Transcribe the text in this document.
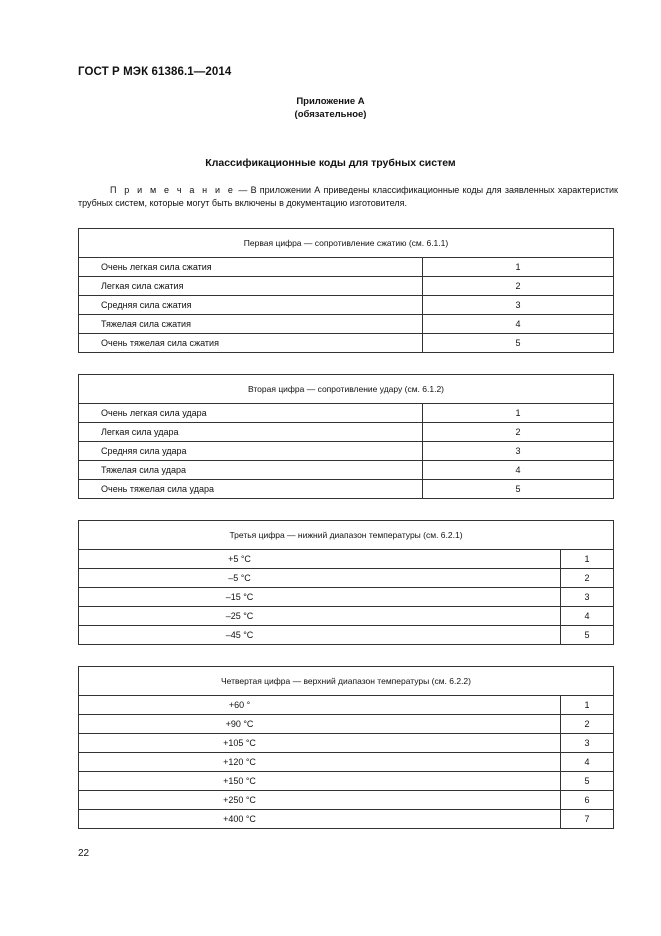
ГОСТ Р МЭК 61386.1—2014
Приложение А
(обязательное)
Классификационные коды для трубных систем
П р и м е ч а н и е — В приложении А приведены классификационные коды для заявленных характеристик трубных систем, которые могут быть включены в документацию изготовителя.
Первая цифра — сопротивление сжатию (см. 6.1.1)	
Очень легкая сила сжатия	1
Легкая сила сжатия	2
Средняя сила сжатия	3
Тяжелая сила сжатия	4
Очень тяжелая сила сжатия	5
Вторая цифра — сопротивление удару (см. 6.1.2)	
Очень легкая сила удара	1
Легкая сила удара	2
Средняя сила удара	3
Тяжелая сила удара	4
Очень тяжелая сила удара	5
Третья цифра — нижний диапазон температуры (см. 6.2.1)	
+5 °C	1
–5 °C	2
–15 °C	3
–25 °C	4
–45 °C	5
Четвертая цифра — верхний диапазон температуры (см. 6.2.2)	
+60 °	1
+90 °C	2
+105 °C	3
+120 °C	4
+150 °C	5
+250 °C	6
+400 °C	7
22
